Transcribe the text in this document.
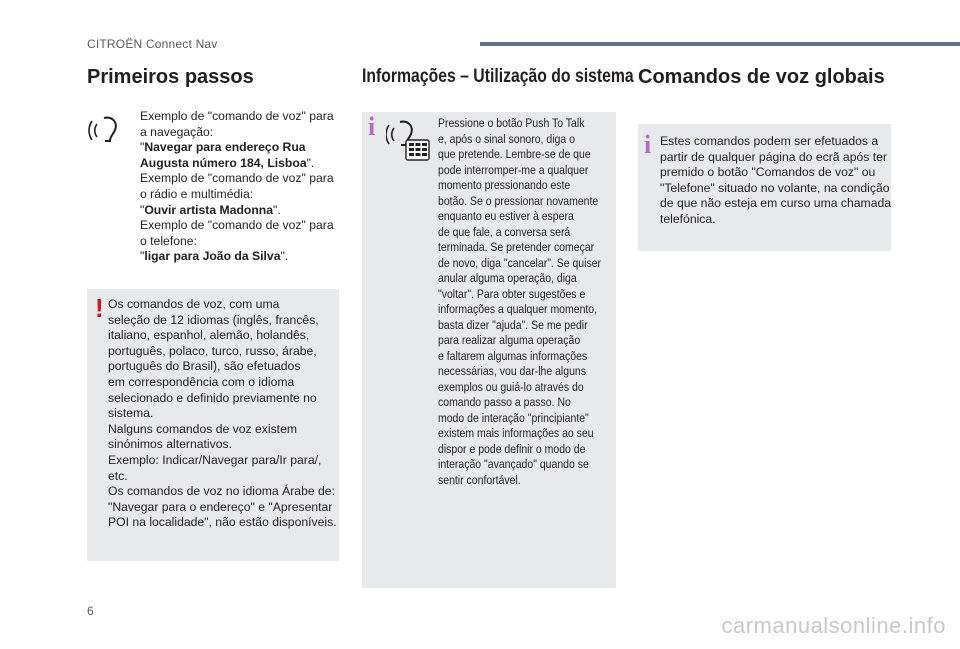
CITROËN Connect Nav
Primeiros passos
Exemplo de "comando de voz" para
a navegação:
"Navegar para endereço Rua
Augusta número 184, Lisboa".
Exemplo de "comando de voz" para
o rádio e multimédia:
"Ouvir artista Madonna".
Exemplo de "comando de voz" para
o telefone:
"ligar para João da Silva".
! Os comandos de voz, com uma
seleção de 12 idiomas (inglês, francês,
italiano, espanhol, alemão, holandês,
português, polaco, turco, russo, árabe,
português do Brasil), são efetuados
em correspondência com o idioma
selecionado e definido previamente no
sistema.
Nalguns comandos de voz existem
sinónimos alternativos.
Exemplo: Indicar/Navegar para/Ir para/,
etc.
Os comandos de voz no idioma Árabe de:
"Navegar para o endereço" e "Apresentar
POI na localidade", não estão disponíveis.
Informações – Utilização do sistema
i	Pressione o botão Push To Talk
e, após o sinal sonoro, diga o
que pretende. Lembre-se de que
pode interromper-me a qualquer
momento pressionando este
botão. Se o pressionar novamente
enquanto eu estiver à espera
de que fale, a conversa será
terminada. Se pretender começar
de novo, diga "cancelar". Se quiser
anular alguma operação, diga
"voltar". Para obter sugestões e
informações a qualquer momento,
basta dizer "ajuda". Se me pedir
para realizar alguma operação
e faltarem algumas informações
necessárias, vou dar-lhe alguns
exemplos ou guiá-lo através do
comando passo a passo. No
modo de interação "principiante"
existem mais informações ao seu
dispor e pode definir o modo de
interação "avançado" quando se
sentir confortável.
Comandos de voz globais
i Estes comandos podem ser efetuados a
partir de qualquer página do ecrã após ter
premido o botão "Comandos de voz" ou
"Telefone" situado no volante, na condição
de que não esteja em curso uma chamada
telefónica.
6
carmanualsonline.info
